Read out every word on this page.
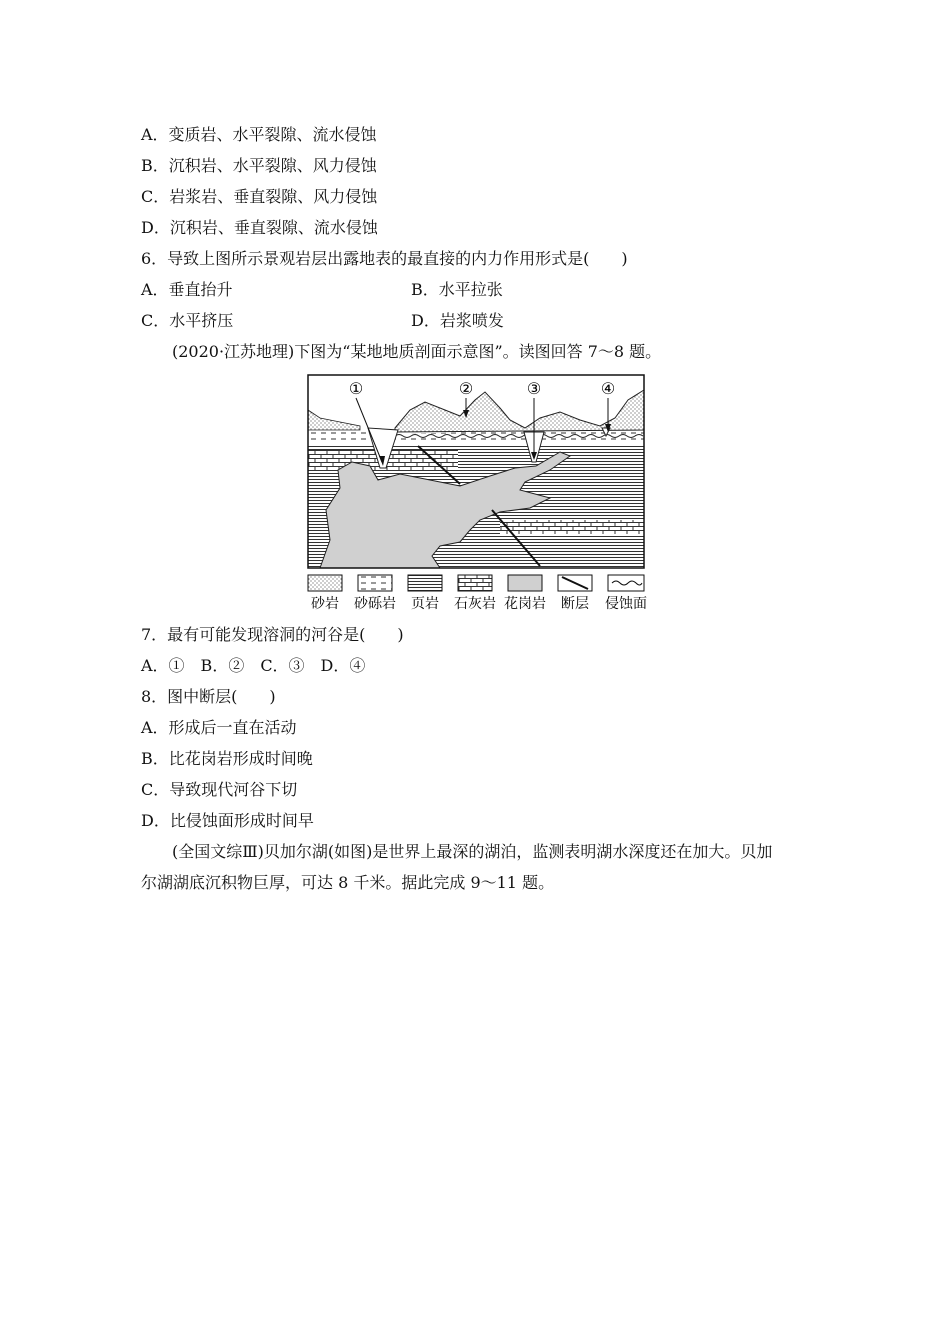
A．变质岩、水平裂隙、流水侵蚀
B．沉积岩、水平裂隙、风力侵蚀
C．岩浆岩、垂直裂隙、风力侵蚀
D．沉积岩、垂直裂隙、流水侵蚀
6．导致上图所示景观岩层出露地表的最直接的内力作用形式是(　　)
A．垂直抬升	B．水平拉张
C．水平挤压	D．岩浆喷发
(2020·江苏地理)下图为“某地地质剖面示意图”。读图回答 7～8 题。
①	②	③	④
砂岩 砂砾岩 页岩 石灰岩 花岗岩 断层 侵蚀面
7．最有可能发现溶洞的河谷是(　　)
A．①　B．②　C．③　D．④
8．图中断层(　　)
A．形成后一直在活动
B．比花岗岩形成时间晚
C．导致现代河谷下切
D．比侵蚀面形成时间早
(全国文综Ⅲ)贝加尔湖(如图)是世界上最深的湖泊，监测表明湖水深度还在加大。贝加
尔湖湖底沉积物巨厚，可达 8 千米。据此完成 9～11 题。
